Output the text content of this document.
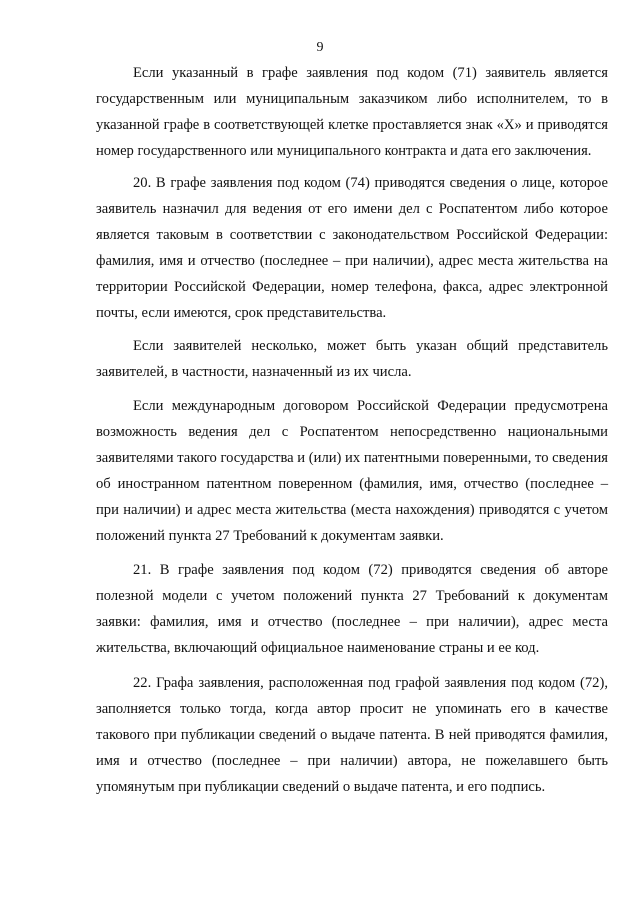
9

Если указанный в графе заявления под кодом (71) заявитель является государственным или муниципальным заказчиком либо исполнителем, то в указанной графе в соответствующей клетке проставляется знак «Х» и приводятся номер государственного или муниципального контракта и дата его заключения.

20. В графе заявления под кодом (74) приводятся сведения о лице, которое заявитель назначил для ведения от его имени дел с Роспатентом либо которое является таковым в соответствии с законодательством Российской Федерации: фамилия, имя и отчество (последнее – при наличии), адрес места жительства на территории Российской Федерации, номер телефона, факса, адрес электронной почты, если имеются, срок представительства.

Если заявителей несколько, может быть указан общий представитель заявителей, в частности, назначенный из их числа.

Если международным договором Российской Федерации предусмотрена возможность ведения дел с Роспатентом непосредственно национальными заявителями такого государства и (или) их патентными поверенными, то сведения об иностранном патентном поверенном (фамилия, имя, отчество (последнее – при наличии) и адрес места жительства (места нахождения) приводятся с учетом положений пункта 27 Требований к документам заявки.

21. В графе заявления под кодом (72) приводятся сведения об авторе полезной модели с учетом положений пункта 27 Требований к документам заявки: фамилия, имя и отчество (последнее – при наличии), адрес места жительства, включающий официальное наименование страны и ее код.

22. Графа заявления, расположенная под графой заявления под кодом (72), заполняется только тогда, когда автор просит не упоминать его в качестве такового при публикации сведений о выдаче патента. В ней приводятся фамилия, имя и отчество (последнее – при наличии) автора, не пожелавшего быть упомянутым при публикации сведений о выдаче патента, и его подпись.
